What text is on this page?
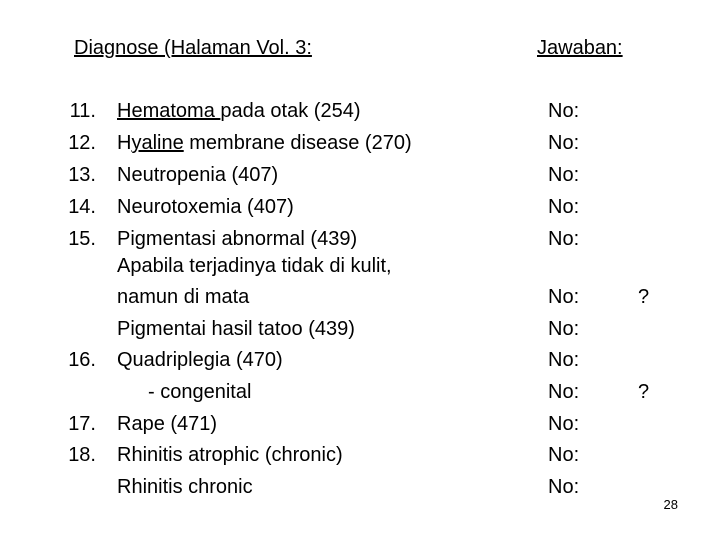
Diagnose (Halaman Vol. 3:	Jawaban:
11. Hematoma pada otak (254)	No:
12. Hyaline membrane disease (270)	No:
13. Neutropenia (407)	No:
14. Neurotoxemia (407)	No:
15. Pigmentasi abnormal (439)	No:
Apabila terjadinya tidak di kulit,
namun di mata	No:	?
Pigmentai hasil tatoo (439)	No:
16. Quadriplegia (470)	No:
- congenital	No:	?
17. Rape (471)	No:
18. Rhinitis atrophic (chronic)	No:
Rhinitis chronic	No:
28
